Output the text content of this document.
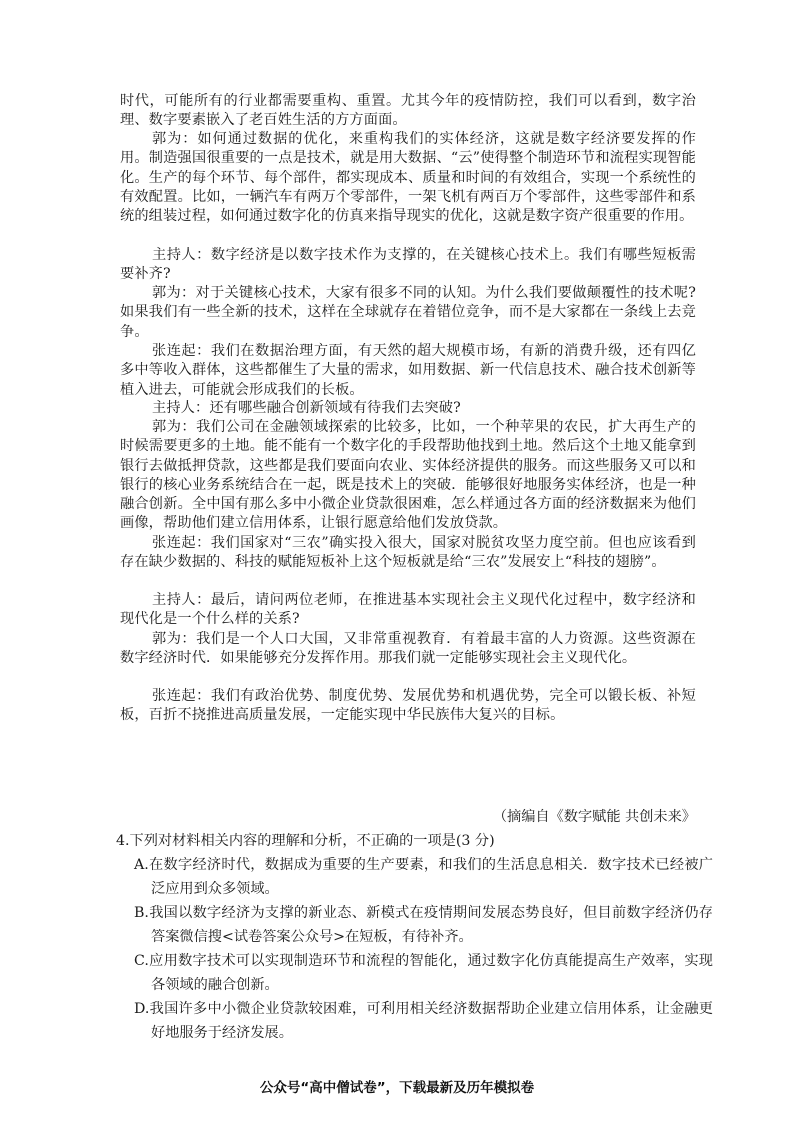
时代，可能所有的行业都需要重构、重置。尤其今年的疫情防控，我们可以看到，数字治理、数字要素嵌入了老百姓生活的方方面面。

郭为：如何通过数据的优化，来重构我们的实体经济，这就是数字经济要发挥的作用。制造强国很重要的一点是技术，就是用大数据、“云”使得整个制造环节和流程实现智能化。生产的每个环节、每个部件，都实现成本、质量和时间的有效组合，实现一个系统性的有效配置。比如，一辆汽车有两万个零部件，一架飞机有两百万个零部件，这些零部件和系统的组装过程，如何通过数字化的仿真来指导现实的优化，这就是数字资产很重要的作用。

主持人：数字经济是以数字技术作为支撑的，在关键核心技术上。我们有哪些短板需要补齐?

郭为：对于关键核心技术，大家有很多不同的认知。为什么我们要做颠覆性的技术呢?如果我们有一些全新的技术，这样在全球就存在着错位竞争，而不是大家都在一条线上去竞争。

张连起：我们在数据治理方面，有天然的超大规模市场，有新的消费升级，还有四亿多中等收入群体，这些都催生了大量的需求，如用数据、新一代信息技术、融合技术创新等植入进去，可能就会形成我们的长板。

主持人：还有哪些融合创新领域有待我们去突破?

郭为：我们公司在金融领域探索的比较多，比如，一个种苹果的农民，扩大再生产的时候需要更多的土地。能不能有一个数字化的手段帮助他找到土地。然后这个土地又能拿到银行去做抵押贷款，这些都是我们要面向农业、实体经济提供的服务。而这些服务又可以和银行的核心业务系统结合在一起，既是技术上的突破．能够很好地服务实体经济，也是一种融合创新。全中国有那么多中小微企业贷款很困难，怎么样通过各方面的经济数据来为他们画像，帮助他们建立信用体系，让银行愿意给他们发放贷款。

张连起：我们国家对“三农”确实投入很大，国家对脱贫攻坚力度空前。但也应该看到存在缺少数据的、科技的赋能短板补上这个短板就是给“三农”发展安上“科技的翅膀”。

主持人：最后，请问两位老师，在推进基本实现社会主义现代化过程中，数字经济和现代化是一个什么样的关系?

郭为：我们是一个人口大国，又非常重视教育．有着最丰富的人力资源。这些资源在数字经济时代．如果能够充分发挥作用。那我们就一定能够实现社会主义现代化。

张连起：我们有政治优势、制度优势、发展优势和机遇优势，完全可以锻长板、补短板，百折不挠推进高质量发展，一定能实现中华民族伟大复兴的目标。

（摘编自《数字赋能 共创未来》
4.下列对材料相关内容的理解和分析，不正确的一项是(3 分)
A.在数字经济时代，数据成为重要的生产要素，和我们的生活息息相关．数字技术已经被广泛应用到众多领域。
B.我国以数字经济为支撑的新业态、新模式在疫情期间发展态势良好，但目前数字经济仍存答案微信搜<试卷答案公众号>在短板，有待补齐。
C.应用数字技术可以实现制造环节和流程的智能化，通过数字化仿真能提高生产效率，实现各领域的融合创新。
D.我国许多中小微企业贷款较困难，可利用相关经济数据帮助企业建立信用体系，让金融更好地服务于经济发展。
公众号“高中僧试卷”，下载最新及历年模拟卷
